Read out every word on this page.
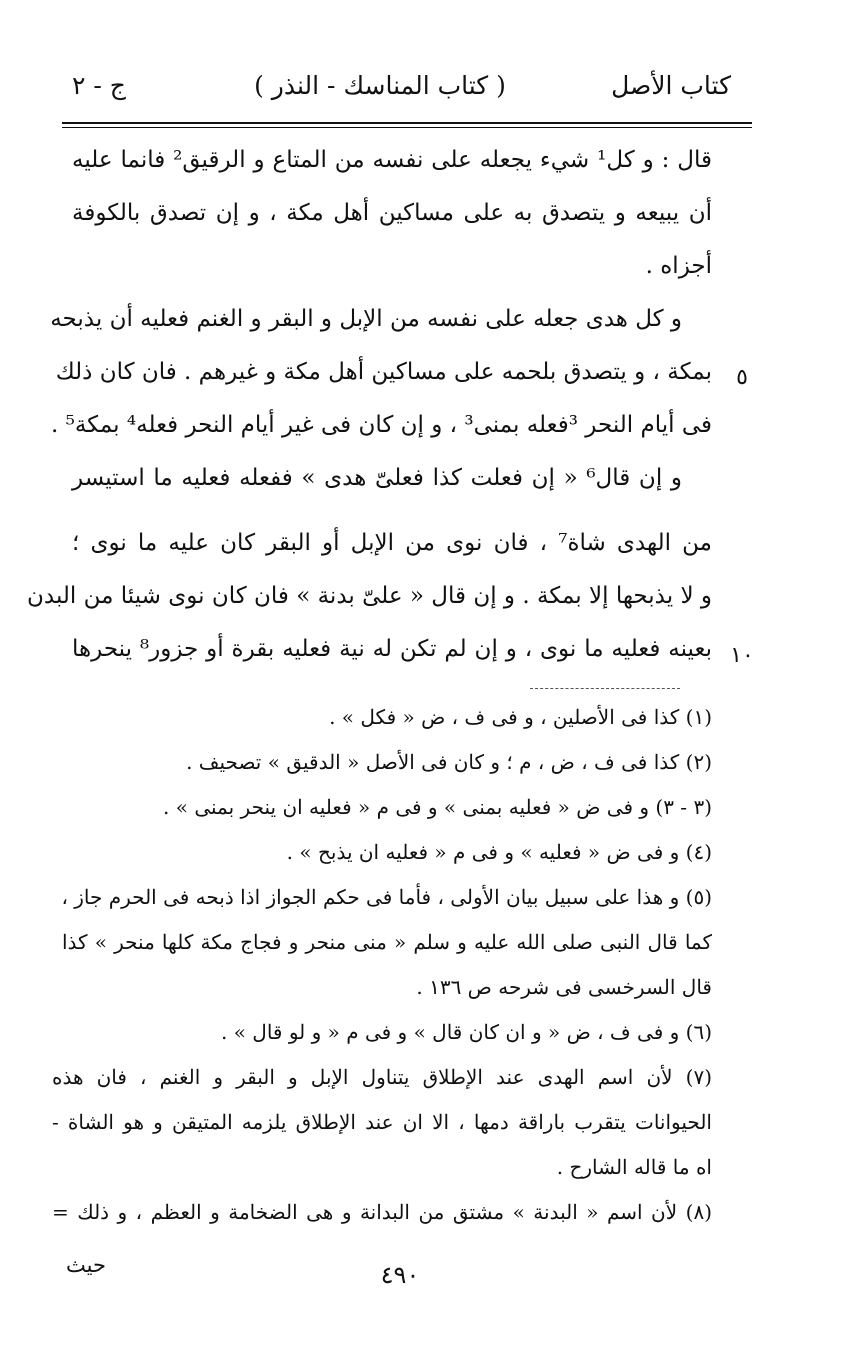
كتاب الأصل
( كتاب المناسك - النذر )
ج - ٢
قال : و كل¹ شيء يجعله على نفسه من المتاع و الرقيق² فانما عليه
أن يبيعه و يتصدق به على مساكين أهل مكة ، و إن تصدق بالكوفة
أجزاه .
و كل هدى جعله على نفسه من الإبل و البقر و الغنم فعليه أن يذبحه
بمكة ، و يتصدق بلحمه على مساكين أهل مكة و غيرهم . فان كان ذلك
فى أيام النحر ³فعله بمنى³ ، و إن كان فى غير أيام النحر فعله⁴ بمكة⁵ .
و إن قال⁶ « إن فعلت كذا فعلىّ هدى » ففعله فعليه ما استيسر
من الهدى شاة⁷ ، فان نوى من الإبل أو البقر كان عليه ما نوى ؛
و لا يذبحها إلا بمكة . و إن قال « علىّ بدنة » فان كان نوى شيئا من البدن
بعينه فعليه ما نوى ، و إن لم تكن له نية فعليه بقرة أو جزور⁸ ينحرها
٥
١٠
(١) كذا فى الأصلين ، و فى ف ، ض « فكل » .
(٢) كذا فى ف ، ض ، م ؛ و كان فى الأصل « الدقيق » تصحيف .
(٣ - ٣) و فى ض « فعليه بمنى » و فى م « فعليه ان ينحر بمنى » .
(٤) و فى ض « فعليه » و فى م « فعليه ان يذبح » .
(٥) و هذا على سبيل بيان الأولى ، فأما فى حكم الجواز اذا ذبحه فى الحرم جاز ،
كما قال النبى صلى الله عليه و سلم « منى منحر و فجاج مكة كلها منحر » كذا
قال السرخسى فى شرحه ص ١٣٦ .
(٦) و فى ف ، ض « و ان كان قال » و فى م « و لو قال » .
(٧) لأن اسم الهدى عند الإطلاق يتناول الإبل و البقر و الغنم ، فان هذه
الحيوانات يتقرب باراقة دمها ، الا ان عند الإطلاق يلزمه المتيقن و هو الشاة -
اه ما قاله الشارح .
(٨) لأن اسم « البدنة » مشتق من البدانة و هى الضخامة و العظم ، و ذلك =
حيث	٤٩٠
